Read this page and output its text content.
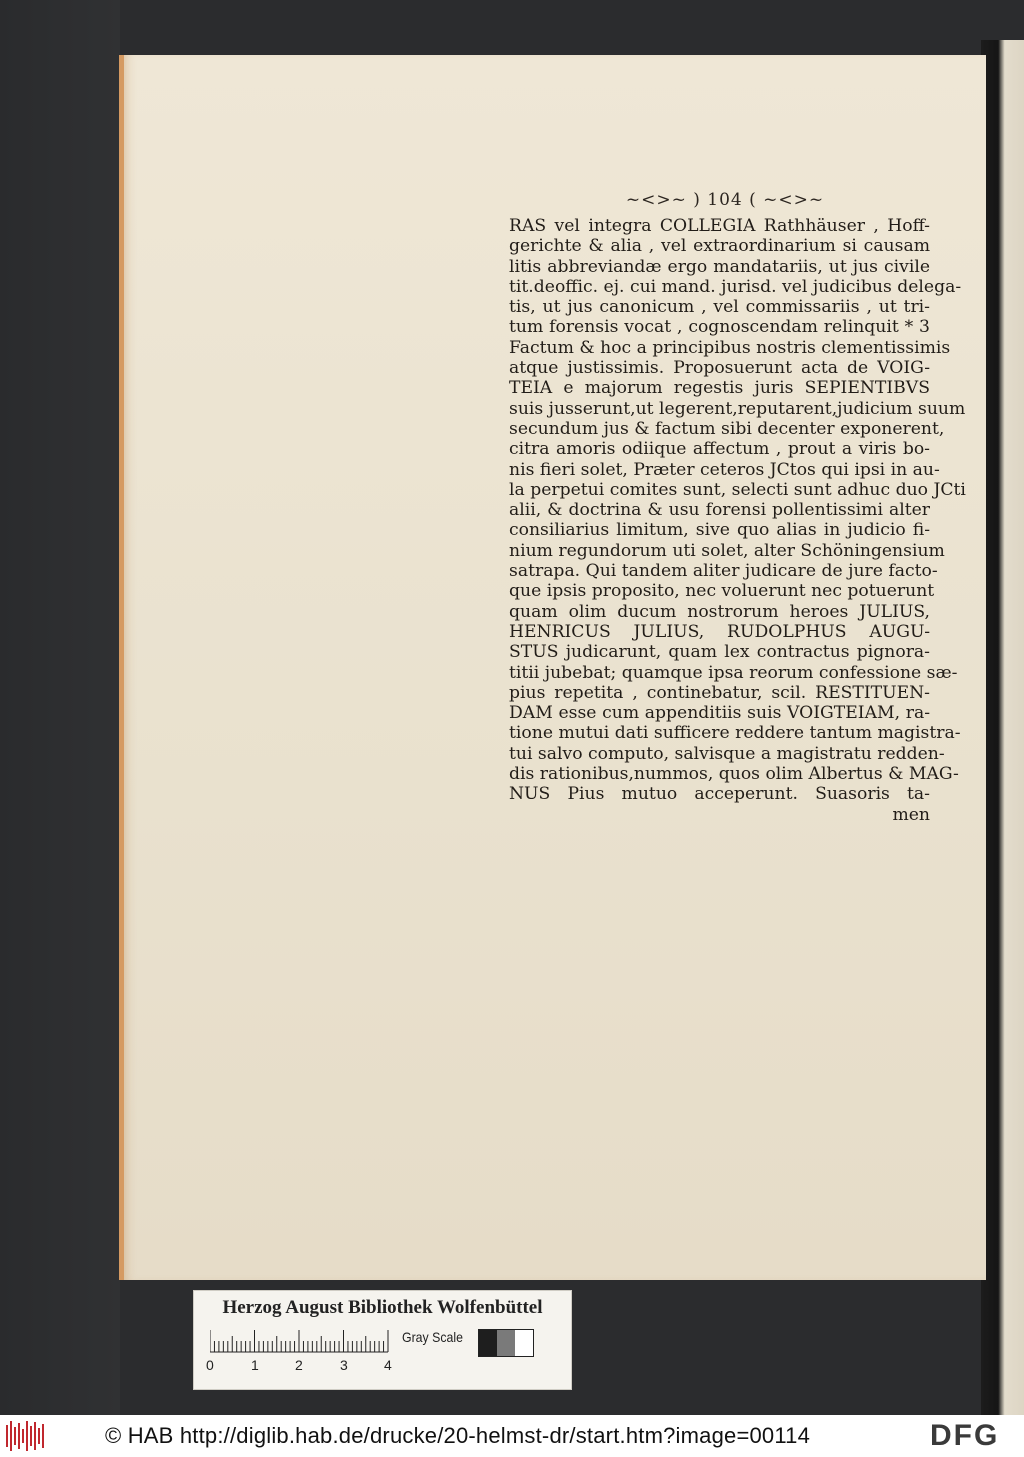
~<>~ ) 104 ( ~<>~
RAS vel integra COLLEGIA Rathhäuser , Hoff-
gerichte & alia , vel extraordinarium si causam
litis abbreviandæ ergo mandatariis, ut jus civile
tit.deoffic. ej. cui mand. jurisd. vel judicibus delega-
tis, ut jus canonicum , vel commissariis , ut tri-
tum forensis vocat , cognoscendam relinquit * 3
Factum & hoc a principibus nostris clementissimis
atque justissimis. Proposuerunt acta de VOIG-
TEIA e majorum regestis juris SEPIENTIBVS
suis jusserunt,ut legerent,reputarent,judicium suum
secundum jus & factum sibi decenter exponerent,
citra amoris odiique affectum , prout a viris bo-
nis fieri solet, Præter ceteros JCtos qui ipsi in au-
la perpetui comites sunt, selecti sunt adhuc duo JCti
alii, & doctrina & usu forensi pollentissimi alter
consiliarius limitum, sive quo alias in judicio fi-
nium regundorum uti solet, alter Schöningensium
satrapa. Qui tandem aliter judicare de jure facto-
que ipsis proposito, nec voluerunt nec potuerunt
quam olim ducum nostrorum heroes JULIUS,
HENRICUS JULIUS, RUDOLPHUS AUGU-
STUS judicarunt, quam lex contractus pignora-
titii jubebat; quamque ipsa reorum confessione sæ-
pius repetita , continebatur, scil. RESTITUEN-
DAM esse cum appenditiis suis VOIGTEIAM, ra-
tione mutui dati sufficere reddere tantum magistra-
tui salvo computo, salvisque a magistratu redden-
dis rationibus,nummos, quos olim Albertus & MAG-
NUS Pius mutuo acceperunt. Suasoris ta-
men
Herzog August Bibliothek Wolfenbüttel
0	1	2	3	4
Gray Scale
© HAB http://diglib.hab.de/drucke/20-helmst-dr/start.htm?image=00114	DFG
